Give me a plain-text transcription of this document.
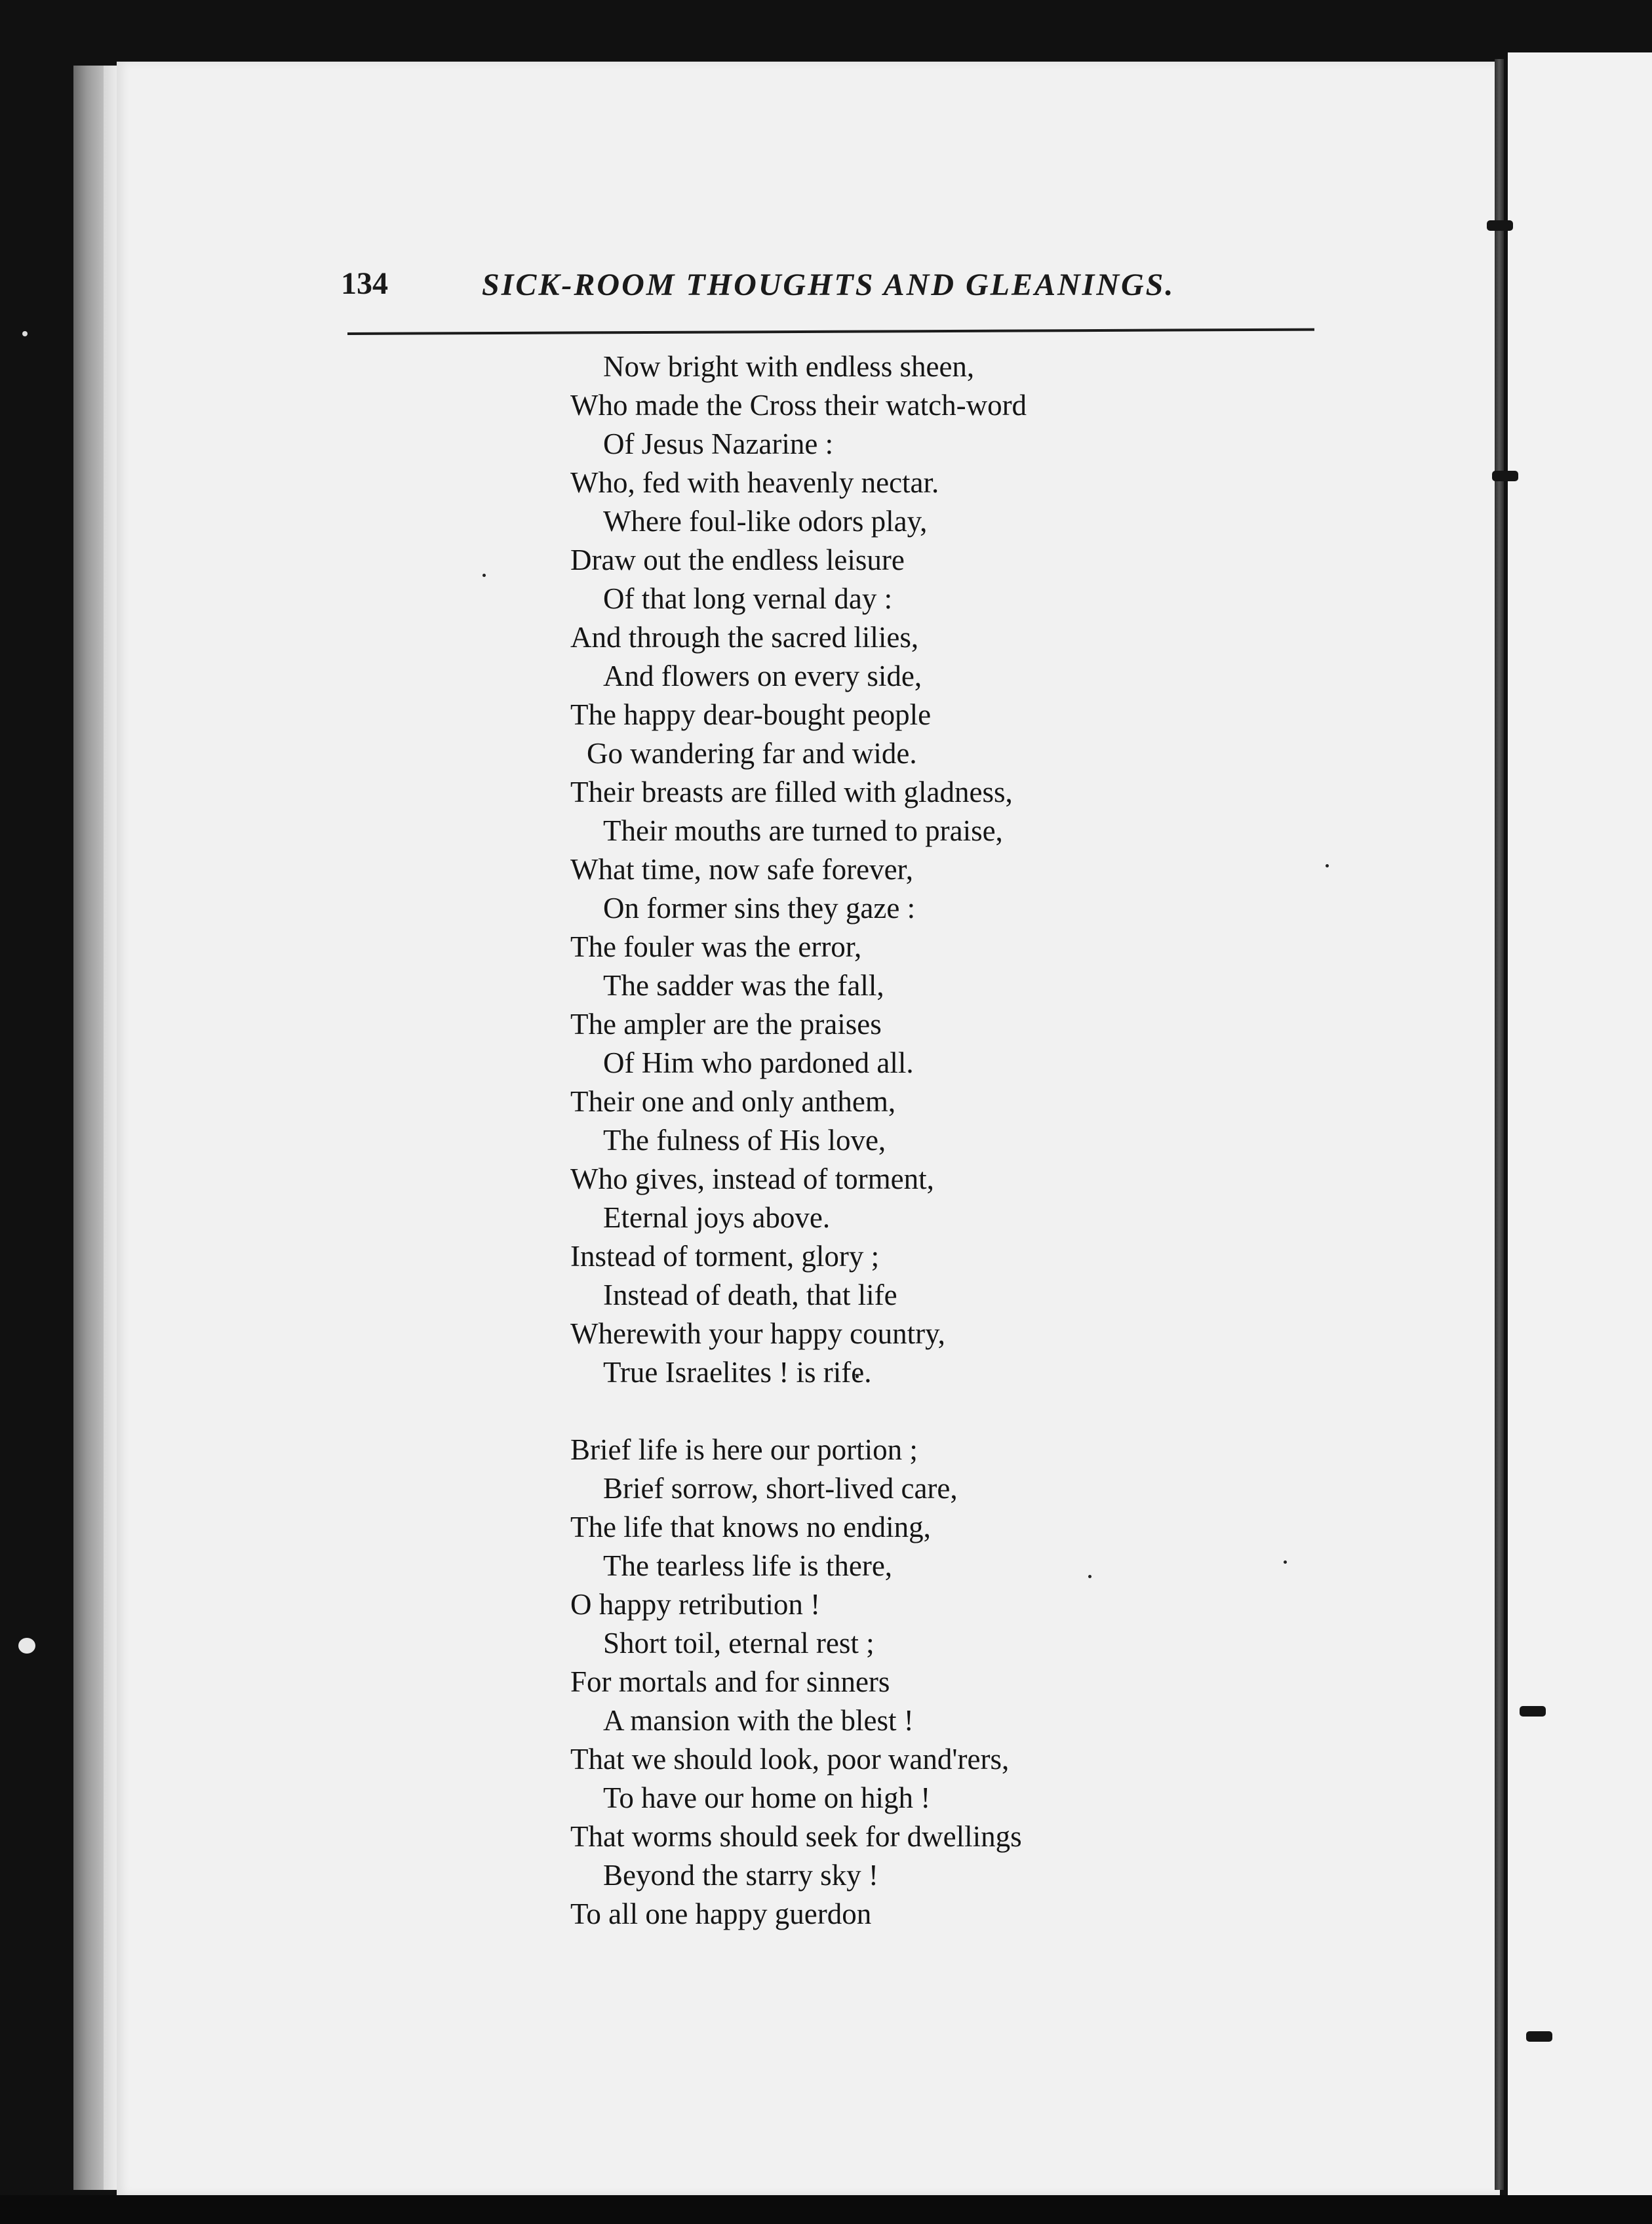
134	SICK-ROOM THOUGHTS AND GLEANINGS.
Now bright with endless sheen,
Who made the Cross their watch-word
Of Jesus Nazarine :
Who, fed with heavenly nectar.
Where foul-like odors play,
Draw out the endless leisure
Of that long vernal day :
And through the sacred lilies,
And flowers on every side,
The happy dear-bought people
Go wandering far and wide.
Their breasts are filled with gladness,
Their mouths are turned to praise,
What time, now safe forever,
On former sins they gaze :
The fouler was the error,
The sadder was the fall,
The ampler are the praises
Of Him who pardoned all.
Their one and only anthem,
The fulness of His love,
Who gives, instead of torment,
Eternal joys above.
Instead of torment, glory ;
Instead of death, that life
Wherewith your happy country,
True Israelites ! is rife.
Brief life is here our portion ;
Brief sorrow, short-lived care,
The life that knows no ending,
The tearless life is there,
O happy retribution !
Short toil, eternal rest ;
For mortals and for sinners
A mansion with the blest !
That we should look, poor wand'rers,
To have our home on high !
That worms should seek for dwellings
Beyond the starry sky !
To all one happy guerdon
